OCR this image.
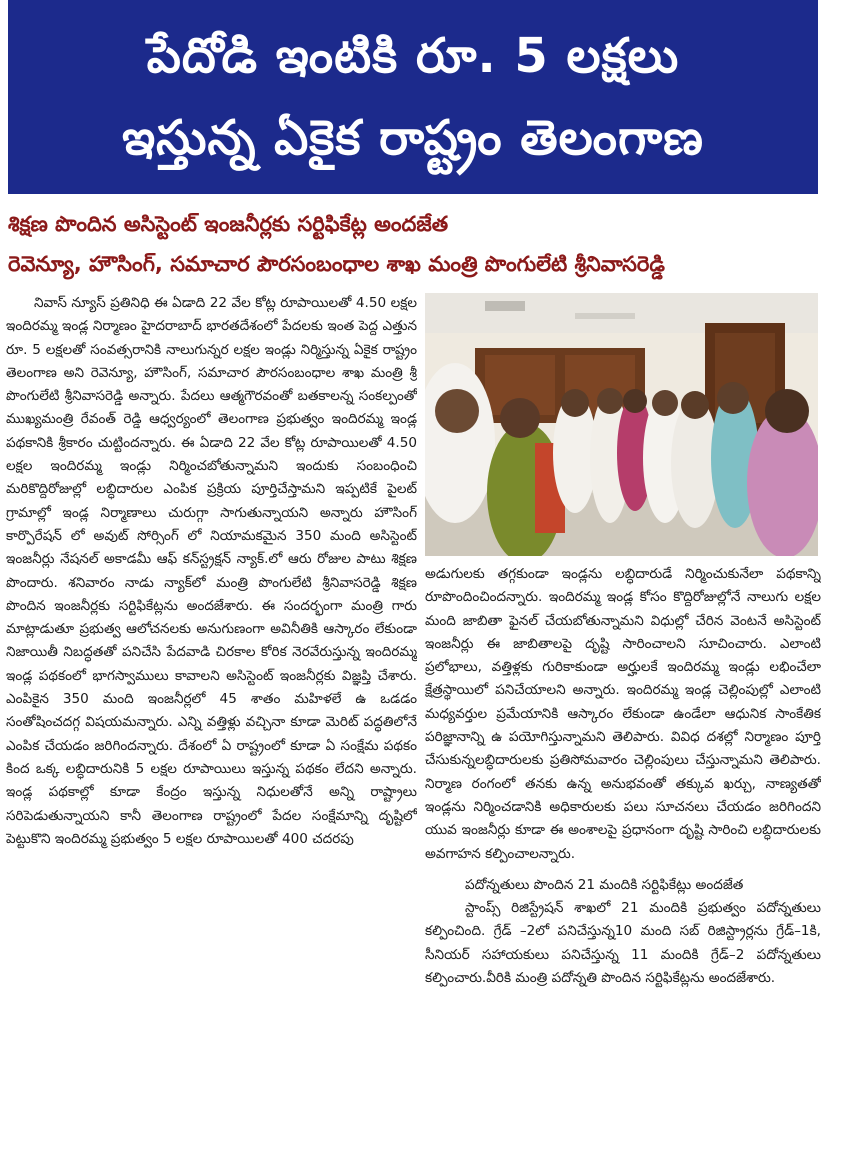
పేదోడి ఇంటికి రూ. 5 లక్షలు
ఇస్తున్న ఏకైక రాష్ట్రం తెలంగాణ
శిక్షణ పొందిన అసిస్టెంట్ ఇంజనీర్లకు సర్టిఫికేట్ల అందజేత
రెవెన్యూ, హౌసింగ్, సమాచార పౌరసంబంధాల శాఖ మంత్రి పొంగులేటి శ్రీనివాసరెడ్డి

నివాస్ న్యూస్ ప్రతినిధి ఈ ఏడాది 22 వేల కోట్ల రూపాయిలతో 4.50 లక్షల ఇందిరమ్మ ఇండ్ల నిర్మాణం హైదరాబాద్ భారతదేశంలో పేదలకు ఇంత పెద్ద ఎత్తున రూ. 5 లక్షలతో సంవత్సరానికి నాలుగున్నర లక్షల ఇండ్లు నిర్మిస్తున్న ఏకైక రాష్ట్రం తెలంగాణ అని రెవెన్యూ, హౌసింగ్, సమాచార పౌరసంబంధాల శాఖ మంత్రి శ్రీ పొంగులేటి శ్రీనివాసరెడ్డి అన్నారు. పేదలు ఆత్మగౌరవంతో బతకాలన్న సంకల్పంతో ముఖ్యమంత్రి రేవంత్ రెడ్డి ఆధ్వర్యంలో తెలంగాణ ప్రభుత్వం ఇందిరమ్మ ఇండ్ల పథకానికి శ్రీకారం చుట్టిందన్నారు. ఈ ఏడాది 22 వేల కోట్ల రూపాయిలతో 4.50 లక్షల ఇందిరమ్మ ఇండ్లు నిర్మించబోతున్నామని ఇందుకు సంబంధించి మరికొద్దిరోజుల్లో లబ్ధిదారుల ఎంపిక ప్రక్రియ పూర్తిచేస్తామని ఇప్పటికే పైలట్ గ్రామాల్లో ఇండ్ల నిర్మాణాలు చురుగ్గా సాగుతున్నాయని అన్నారు హౌసింగ్ కార్పొరేషన్ లో అవుట్ సోర్సింగ్ లో నియామకమైన 350 మంది అసిస్టెంట్ ఇంజనీర్లు నేషనల్ అకాడమీ ఆఫ్ కన్‌స్ట్రక్షన్ న్యాక్.లో ఆరు రోజుల పాటు శిక్షణ పొందారు. శనివారం నాడు న్యాక్‌లో మంత్రి పొంగులేటి శ్రీనివాసరెడ్డి శిక్షణ పొందిన ఇంజనీర్లకు సర్టిఫికేట్లను అందజేశారు. ఈ సందర్భంగా మంత్రి గారు మాట్లాడుతూ ప్రభుత్వ ఆలోచనలకు అనుగుణంగా అవినీతికి ఆస్కారం లేకుండా నిజాయితీ నిబద్ధతతో పనిచేసి పేదవాడి చిరకాల కోరిక నెరవేరుస్తున్న ఇందిరమ్మ ఇండ్ల పథకంలో భాగస్వాములు కావాలని అసిస్టెంట్ ఇంజనీర్లకు విజ్ఞప్తి చేశారు. ఎంపికైన 350 మంది ఇంజనీర్లలో 45 శాతం మహిళలే ఉ ఒడడం సంతోషించదగ్గ విషయమన్నారు. ఎన్ని వత్తిళ్లు వచ్చినా కూడా మెరిట్ పద్ధతిలోనే ఎంపిక చేయడం జరిగిందన్నారు. దేశంలో ఏ రాష్ట్రంలో కూడా ఏ సంక్షేమ పథకం కింద ఒక్క లబ్ధిదారునికి 5 లక్షల రూపాయిలు ఇస్తున్న పథకం లేదని అన్నారు. ఇండ్ల పథకాల్లో కూడా కేంద్రం ఇస్తున్న నిధులతోనే అన్ని రాష్ట్రాలు సరిపెడుతున్నాయని కానీ తెలంగాణ రాష్ట్రంలో పేదల సంక్షేమాన్ని దృష్టిలో పెట్టుకొని ఇందిరమ్మ ప్రభుత్వం 5 లక్షల రూపాయిలతో 400 చదరపు

అడుగులకు తగ్గకుండా ఇండ్లను లబ్ధిదారుడే నిర్మించుకునేలా పథకాన్ని రూపొందించిందన్నారు. ఇందిరమ్మ ఇండ్ల కోసం కొద్దిరోజుల్లోనే నాలుగు లక్షల మంది జాబితా ఫైనల్ చేయబోతున్నామని విధుల్లో చేరిన వెంటనే అసిస్టెంట్ ఇంజనీర్లు ఈ జాబితాలపై దృష్టి సారించాలని సూచించారు. ఎలాంటి ప్రలోభాలు, వత్తిళ్లకు గురికాకుండా అర్హులకే ఇందిరమ్మ ఇండ్లు లభించేలా క్షేత్రస్థాయిలో పనిచేయాలని అన్నారు. ఇందిరమ్మ ఇండ్ల చెల్లింపుల్లో ఎలాంటి మధ్యవర్తుల ప్రమేయానికి ఆస్కారం లేకుండా ఉండేలా ఆధునిక సాంకేతిక పరిజ్ఞానాన్ని ఉ పయోగిస్తున్నామని తెలిపారు. వివిధ దశల్లో నిర్మాణం పూర్తి చేసుకున్నలబ్ధిదారులకు ప్రతిసోమవారం చెల్లింపులు చేస్తున్నామని తెలిపారు. నిర్మాణ రంగంలో తనకు ఉన్న అనుభవంతో తక్కువ ఖర్చు, నాణ్యతతో ఇండ్లను నిర్మించడానికి అధికారులకు పలు సూచనలు చేయడం జరిగిందని యువ ఇంజనీర్లు కూడా ఈ అంశాలపై ప్రధానంగా దృష్టి సారించి లబ్ధిదారులకు అవగాహన కల్పించాలన్నారు.

పదోన్నతులు పొందిన 21 మందికి సర్టిఫికేట్లు అందజేత

స్టాంప్స్ రిజిస్ట్రేషన్ శాఖలో 21 మందికి ప్రభుత్వం పదోన్నతులు కల్పించింది. గ్రేడ్ –2లో పనిచేస్తున్న10 మంది సబ్ రిజిస్ట్రార్లను గ్రేడ్–1కి, సీనియర్ సహాయకులు పనిచేస్తున్న 11 మందికి గ్రేడ్–2 పదోన్నతులు కల్పించారు.వీరికి మంత్రి పదోన్నతి పొందిన సర్టిఫికేట్లను అందజేశారు.
